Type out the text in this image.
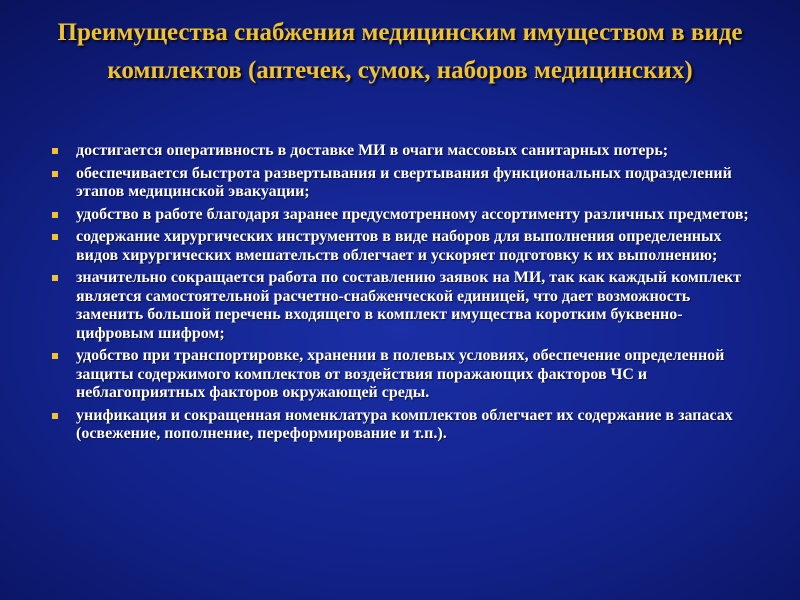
Преимущества снабжения медицинским имуществом в виде комплектов (аптечек, сумок, наборов медицинских)
достигается оперативность в доставке МИ в очаги массовых санитарных потерь;
обеспечивается быстрота развертывания и свертывания функциональных подразделений этапов медицинской эвакуации;
удобство в работе благодаря заранее предусмотренному ассортименту различных предметов;
содержание хирургических инструментов в виде наборов для выполнения определенных видов хирургических вмешательств облегчает и ускоряет подготовку к их выполнению;
значительно сокращается работа по составлению заявок на МИ, так как каждый комплект является самостоятельной расчетно-снабженческой единицей, что дает возможность заменить большой перечень входящего в комплект имущества коротким буквенно-цифровым шифром;
удобство при транспортировке, хранении в полевых условиях, обеспечение определенной защиты содержимого комплектов от воздействия поражающих факторов ЧС и неблагоприятных факторов окружающей среды.
унификация и сокращенная номенклатура комплектов облегчает их содержание в запасах (освежение, пополнение, переформирование и т.п.).
